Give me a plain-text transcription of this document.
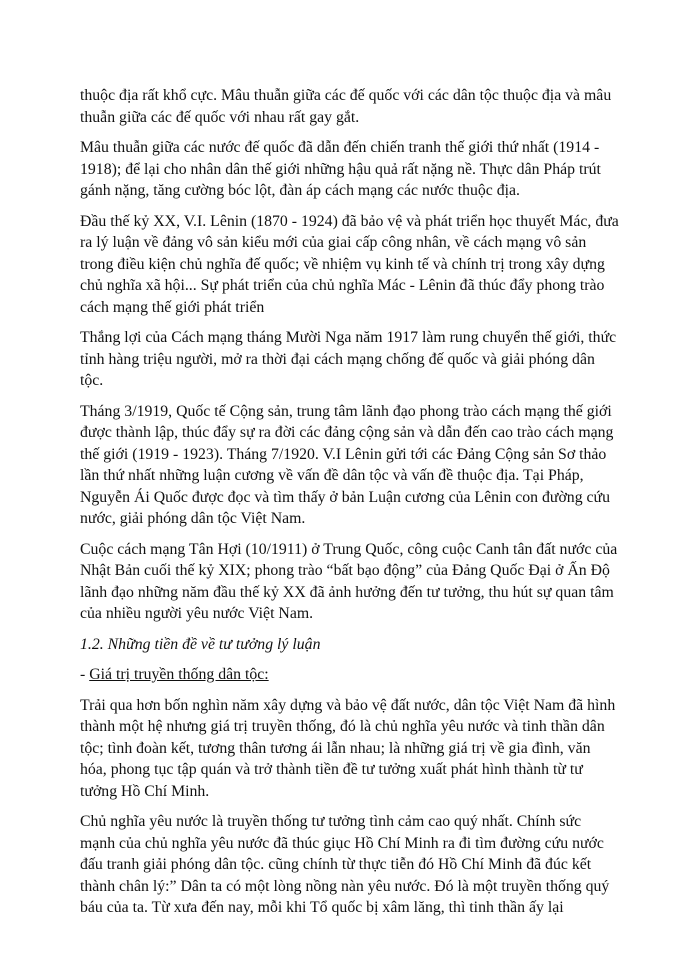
thuộc địa rất khổ cực. Mâu thuẫn giữa các đế quốc với các dân tộc thuộc địa và mâu thuẫn giữa các đế quốc với nhau rất gay gắt.

Mâu thuẫn giữa các nước đế quốc đã dẫn đến chiến tranh thế giới thứ nhất (1914 - 1918); để lại cho nhân dân thế giới những hậu quả rất nặng nề. Thực dân Pháp trút gánh nặng, tăng cường bóc lột, đàn áp cách mạng các nước thuộc địa.

Đầu thế kỷ XX, V.I. Lênin (1870 - 1924) đã bảo vệ và phát triển học thuyết Mác, đưa ra lý luận về đảng vô sản kiểu mới của giai cấp công nhân, về cách mạng vô sản trong điều kiện chủ nghĩa đế quốc; về nhiệm vụ kinh tế và chính trị trong xây dựng chủ nghĩa xã hội... Sự phát triển của chủ nghĩa Mác - Lênin đã thúc đẩy phong trào cách mạng thế giới phát triển

Thắng lợi của Cách mạng tháng Mười Nga năm 1917 làm rung chuyển thế giới, thức tỉnh hàng triệu người, mở ra thời đại cách mạng chống đế quốc và giải phóng dân tộc.

Tháng 3/1919, Quốc tế Cộng sản, trung tâm lãnh đạo phong trào cách mạng thế giới được thành lập, thúc đẩy sự ra đời các đảng cộng sản và dẫn đến cao trào cách mạng thế giới (1919 - 1923). Tháng 7/1920. V.I Lênin gửi tới các Đảng Cộng sản Sơ thảo lần thứ nhất những luận cương về vấn đề dân tộc và vấn đề thuộc địa. Tại Pháp, Nguyễn Ái Quốc được đọc và tìm thấy ở bản Luận cương của Lênin con đường cứu nước, giải phóng dân tộc Việt Nam.

Cuộc cách mạng Tân Hợi (10/1911) ở Trung Quốc, công cuộc Canh tân đất nước của Nhật Bản cuối thế kỷ XIX; phong trào “bất bạo động” của Đảng Quốc Đại ở Ấn Độ lãnh đạo những năm đầu thế kỷ XX đã ảnh hưởng đến tư tưởng, thu hút sự quan tâm của nhiều người yêu nước Việt Nam.

1.2. Những tiền đề về tư tưởng lý luận

- Giá trị truyền thống dân tộc:

Trải qua hơn bốn nghìn năm xây dựng và bảo vệ đất nước, dân tộc Việt Nam đã hình thành một hệ nhưng giá trị truyền thống, đó là chủ nghĩa yêu nước và tinh thần dân tộc; tình đoàn kết, tương thân tương ái lẫn nhau; là những giá trị về gia đình, văn hóa, phong tục tập quán và trở thành tiền đề tư tưởng xuất phát hình thành từ tư tưởng Hồ Chí Minh.

Chủ nghĩa yêu nước là truyền thống tư tưởng tình cảm cao quý nhất. Chính sức mạnh của chủ nghĩa yêu nước đã thúc giục Hồ Chí Minh ra đi tìm đường cứu nước đấu tranh giải phóng dân tộc. cũng chính từ thực tiễn đó Hồ Chí Minh đã đúc kết thành chân lý:” Dân ta có một lòng nồng nàn yêu nước. Đó là một truyền thống quý báu của ta. Từ xưa đến nay, mỗi khi Tổ quốc bị xâm lăng, thì tinh thần ấy lại
